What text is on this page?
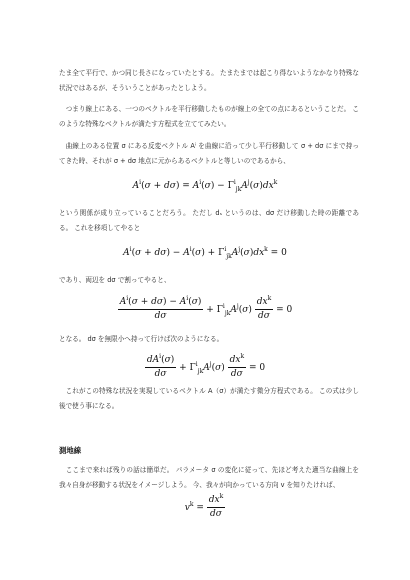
たま全て平行で、かつ同じ長さになっていたとする。 たまたまでは起こり得ないようなかなり特殊な状況ではあるが、そういうことがあったとしよう。

　つまり線上にある、一つのベクトルを平行移動したものが線上の全ての点にあるということだ。 このような特殊なベクトルが満たす方程式を立ててみたい。

　曲線上のある位置 σ にある反変ベクトル Aⁱ を曲線に沿って少し平行移動して σ + dσ にまで持ってきた時、それが σ + dσ 地点に元からあるベクトルと等しいのであるから、

$A^i(\sigma + d\sigma) = A^i(\sigma) - \Gamma^i_{jk}A^j(\sigma)dx^k$

という関係が成り立っていることだろう。 ただし dₛ というのは、dσ だけ移動した時の距離である。 これを移項してやると

$A^i(\sigma + d\sigma) - A^i(\sigma) + \Gamma^i_{jk}A^j(\sigma)dx^k = 0$

であり、両辺を dσ で割ってやると、

$\frac{A^i(\sigma + d\sigma) - A^i(\sigma)}{d\sigma} + \Gamma^i_{jk}A^j(\sigma) \frac{dx^k}{d\sigma} = 0$

となる。 dσ を無限小へ持って行けば次のようになる。

$\frac{dA^i(\sigma)}{d\sigma} + \Gamma^i_{jk}A^j(\sigma) \frac{dx^k}{d\sigma} = 0$

　これがこの特殊な状況を実現しているベクトル A（σ）が満たす微分方程式である。 この式は少し後で使う事になる。

測地線

　ここまで来れば残りの話は簡単だ。 パラメータ σ の変化に従って、先ほど考えた適当な曲線上を我々自身が移動する状況をイメージしよう。 今、我々が向かっている方向 v を知りたければ、

$v^k = \frac{dx^k}{d\sigma}$
